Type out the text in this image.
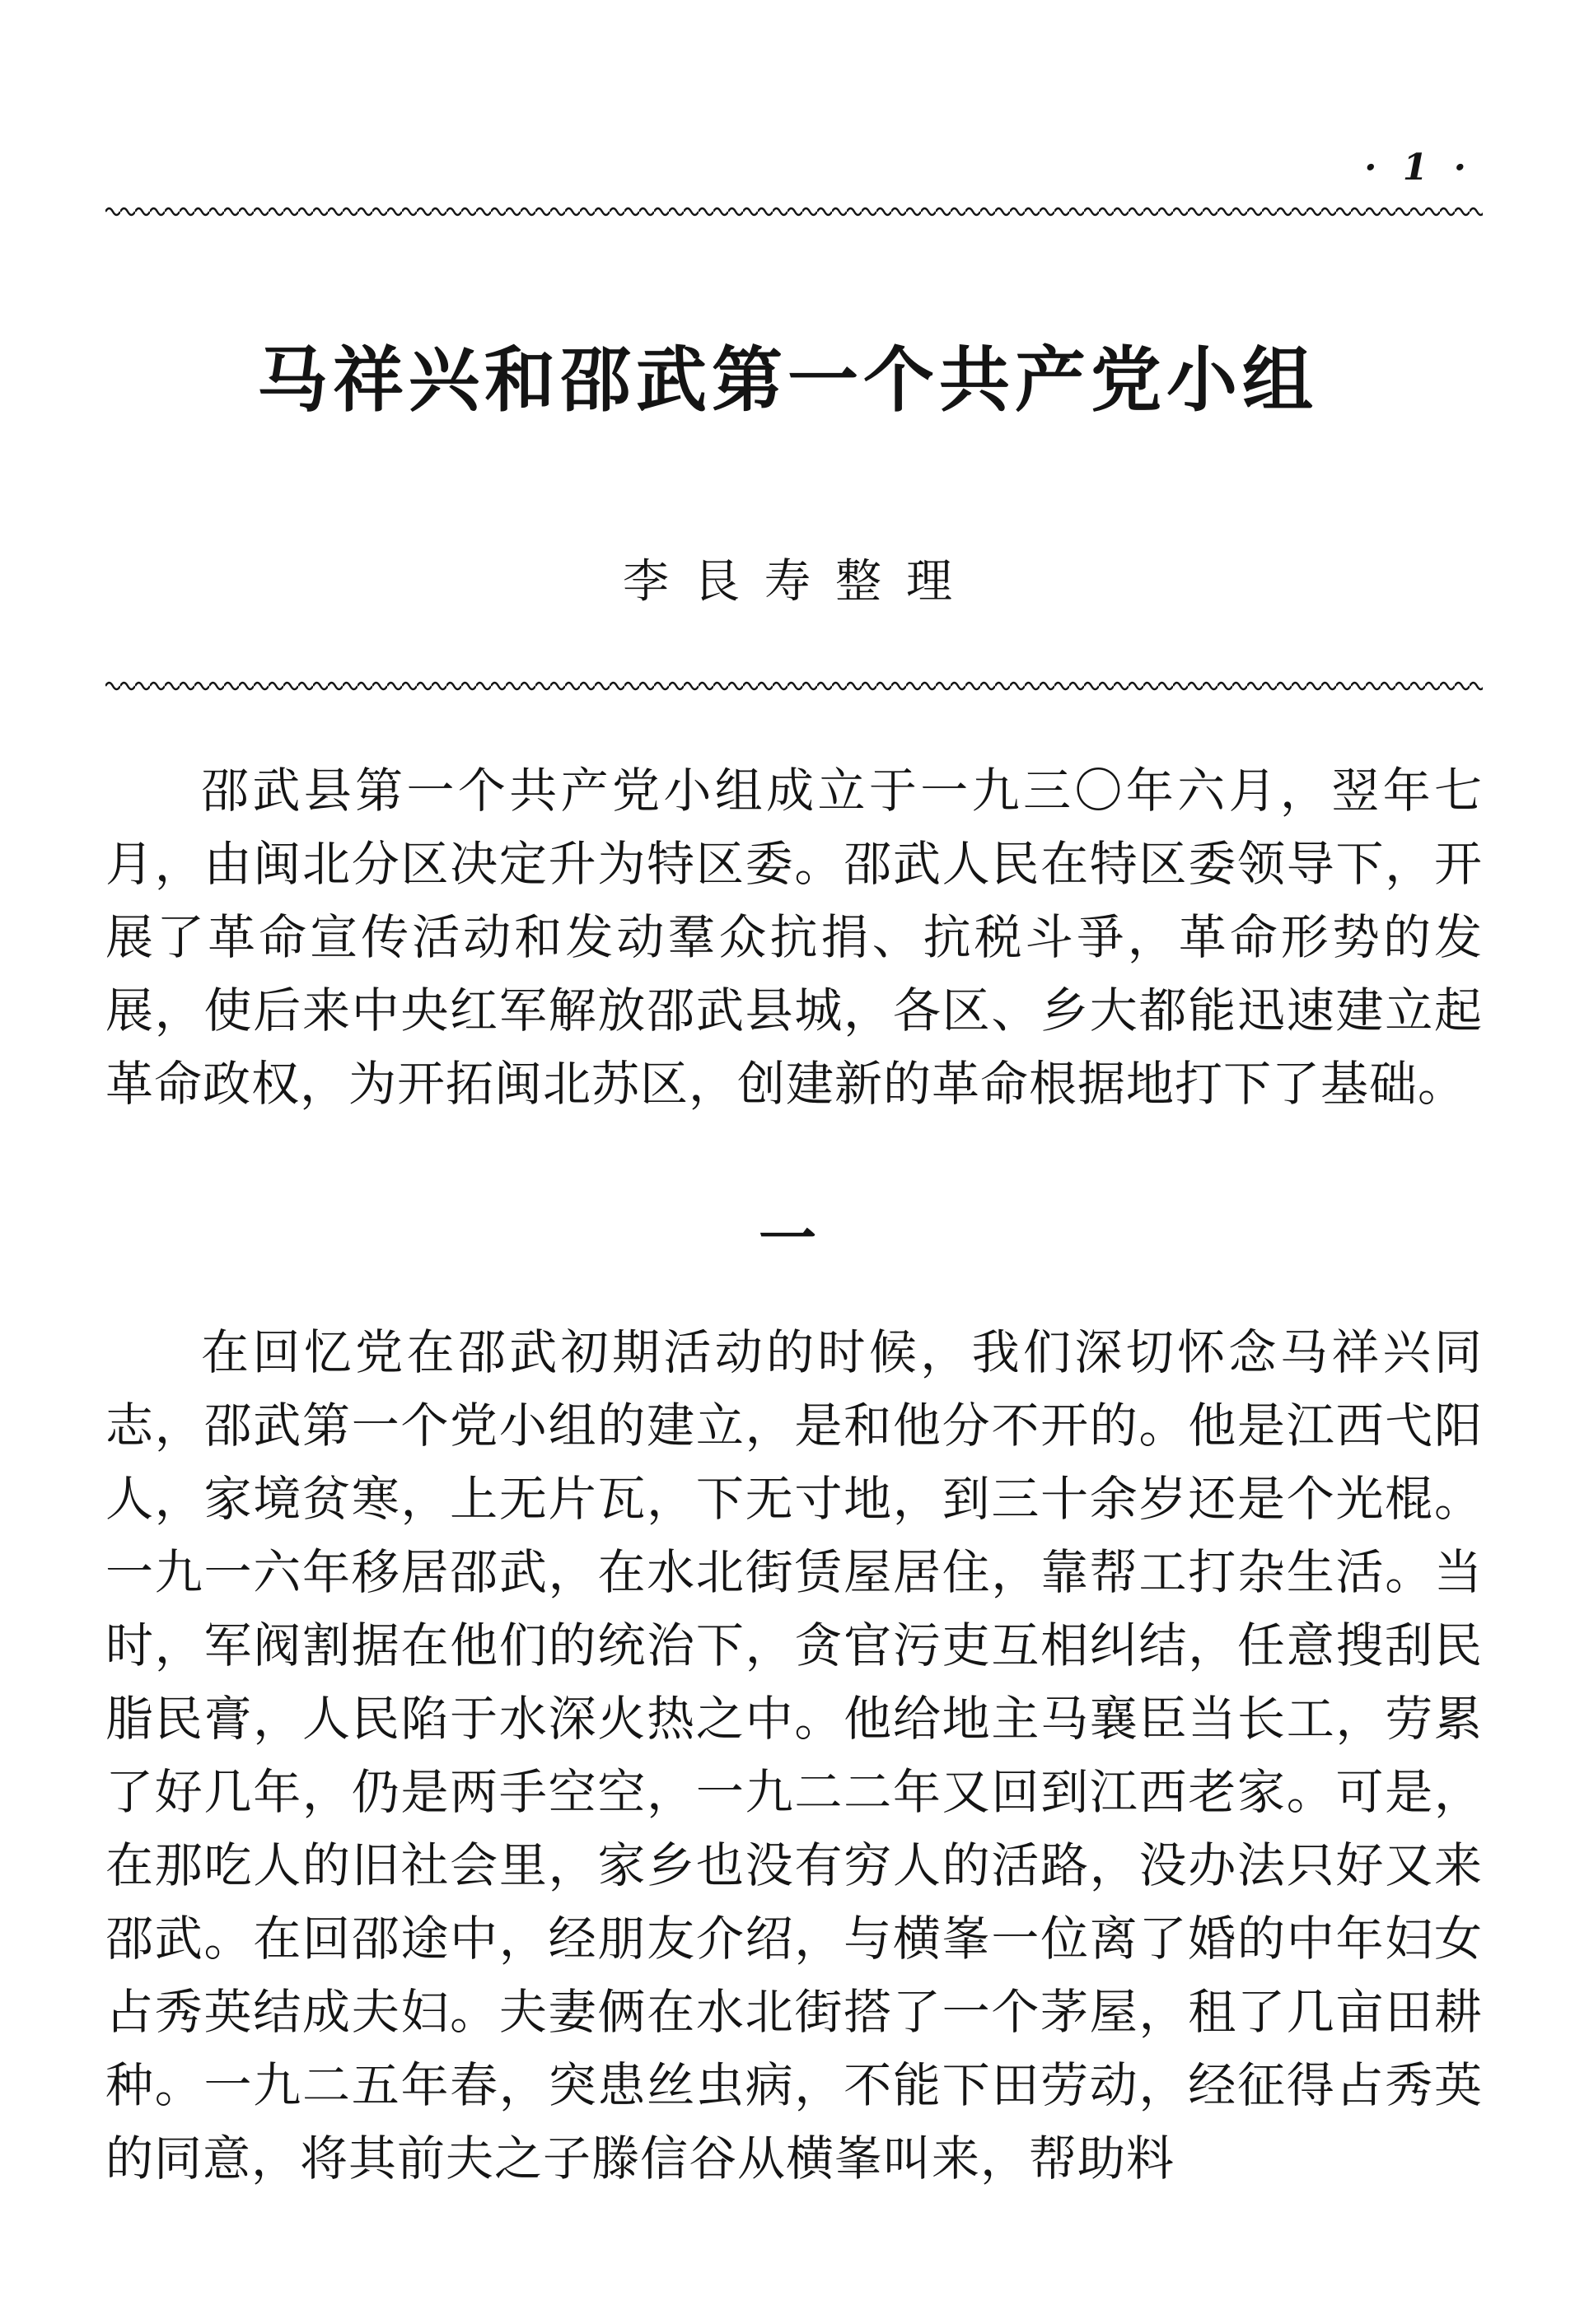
· 1 ·
马祥兴和邵武第一个共产党小组
李艮寿整理

邵武县第一个共产党小组成立于一九三〇年六月，翌年七月，由闽北分区决定升为特区委。邵武人民在特区委领导下，开展了革命宣传活动和发动羣众抗捐、抗税斗爭，革命形势的发展，使后来中央红军解放邵武县城，各区、乡大都能迅速建立起革命政权，为开拓闽北苏区，创建新的革命根据地打下了基础。

一

在回忆党在邵武初期活动的时候，我们深切怀念马祥兴同志，邵武第一个党小组的建立，是和他分不开的。他是江西弋阳人，家境贫寒，上无片瓦，下无寸地，到三十余岁还是个光棍。一九一六年移居邵武，在水北街赁屋居住，靠帮工打杂生活。当时，军阀割据在他们的统治下，贪官污吏互相纠结，任意搜刮民脂民膏，人民陷于水深火热之中。他给地主马襄臣当长工，劳累了好几年，仍是两手空空，一九二二年又回到江西老家。可是，在那吃人的旧社会里，家乡也没有穷人的活路，没办法只好又来邵武。在回邵途中，经朋友介绍，与横峯一位离了婚的中年妇女占秀英结成夫妇。夫妻俩在水北街搭了一个茅屋，租了几亩田耕种。一九二五年春，突患丝虫病，不能下田劳动，经征得占秀英的同意，将其前夫之子滕信谷从横峯叫来，帮助料
